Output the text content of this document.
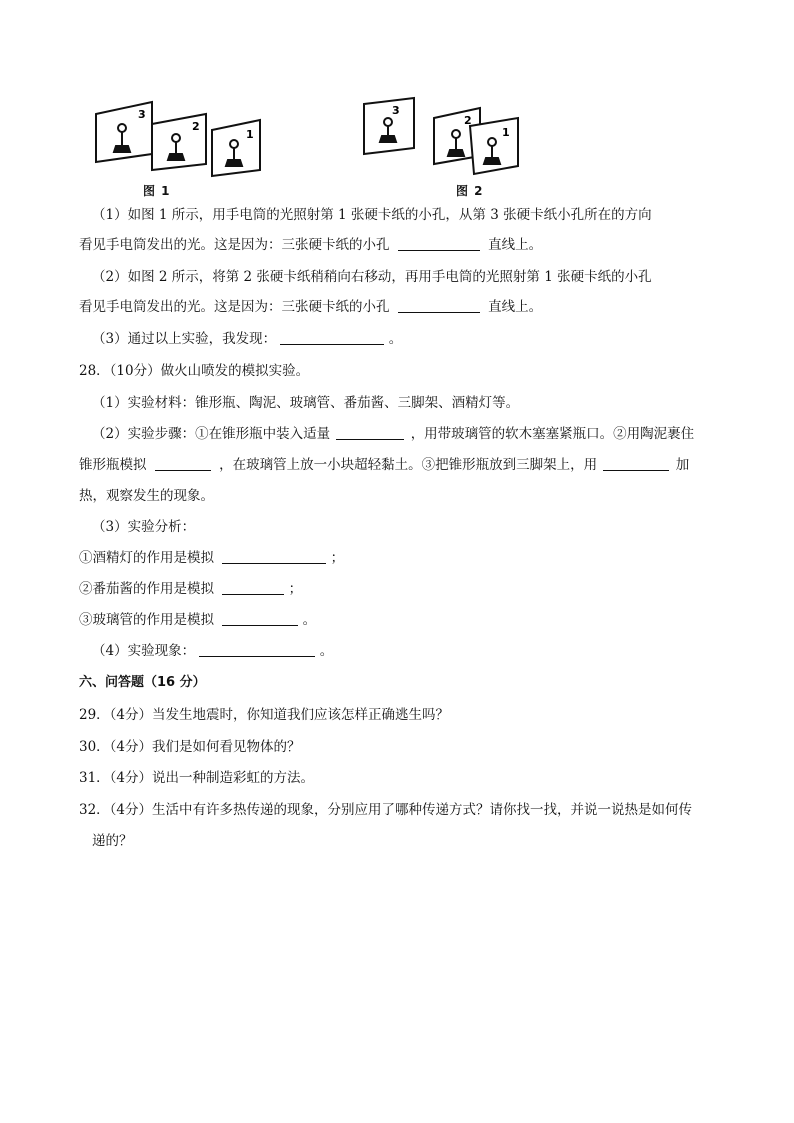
3
2
1
图 1
3
2
1
图 2
（1）如图 1 所示，用手电筒的光照射第 1 张硬卡纸的小孔，从第 3 张硬卡纸小孔所在的方向
看见手电筒发出的光。这是因为：三张硬卡纸的小孔	直线上。
（2）如图 2 所示，将第 2 张硬卡纸稍稍向右移动，再用手电筒的光照射第 1 张硬卡纸的小孔
看见手电筒发出的光。这是因为：三张硬卡纸的小孔	直线上。
（3）通过以上实验，我发现：	。
28．（10分）做火山喷发的模拟实验。
（1）实验材料：锥形瓶、陶泥、玻璃管、番茄酱、三脚架、酒精灯等。
（2）实验步骤：①在锥形瓶中装入适量	，用带玻璃管的软木塞塞紧瓶口。②用陶泥裹住
锥形瓶模拟	，在玻璃管上放一小块超轻黏土。③把锥形瓶放到三脚架上，用	加
热，观察发生的现象。
（3）实验分析：
①酒精灯的作用是模拟	；
②番茄酱的作用是模拟	；
③玻璃管的作用是模拟	。
（4）实验现象：	。
六、问答题（16 分）
29．（4分）当发生地震时，你知道我们应该怎样正确逃生吗？
30．（4分）我们是如何看见物体的？
31．（4分）说出一种制造彩虹的方法。
32．（4分）生活中有许多热传递的现象，分别应用了哪种传递方式？请你找一找，并说一说热是如何传
递的？
